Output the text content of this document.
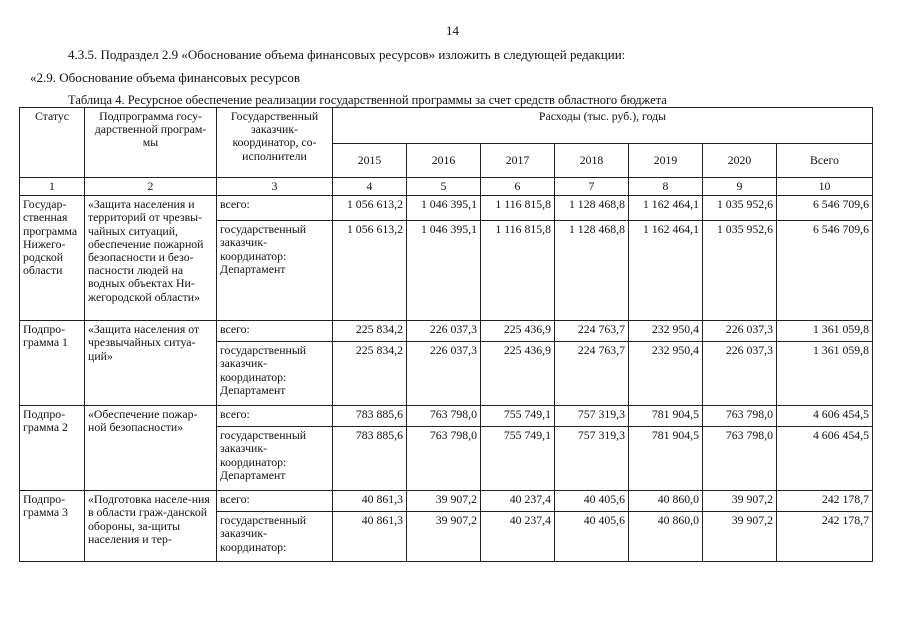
14
4.3.5. Подраздел 2.9 «Обоснование объема финансовых ресурсов» изложить в следующей редакции:
«2.9. Обоснование объема финансовых ресурсов
Таблица 4. Ресурсное обеспечение реализации государственной программы за счет средств областного бюджета
Статус	Подпрограмма госу-дарственной програм-мы	Государственный заказчик-координатор, со-исполнители	Расходы (тыс. руб.), годы						
			2015	2016	2017	2018	2019	2020	Всего
1	2	3	4	5	6	7	8	9	10
Государ-ственная программа Нижего-родской области	«Защита населения и территорий от чрезвы-чайных ситуаций, обеспечение пожарной безопасности и безо-пасности людей на водных объектах Ни-жегородской области»	всего:	1 056 613,2	1 046 395,1	1 116 815,8	1 128 468,8	1 162 464,1	1 035 952,6	6 546 709,6
		государственный заказчик-координатор: Департамент	1 056 613,2	1 046 395,1	1 116 815,8	1 128 468,8	1 162 464,1	1 035 952,6	6 546 709,6
Подпро-грамма 1	«Защита населения от чрезвычайных ситуа-ций»	всего:	225 834,2	226 037,3	225 436,9	224 763,7	232 950,4	226 037,3	1 361 059,8
		государственный заказчик-координатор: Департамент	225 834,2	226 037,3	225 436,9	224 763,7	232 950,4	226 037,3	1 361 059,8
Подпро-грамма 2	«Обеспечение пожар-ной безопасности»	всего:	783 885,6	763 798,0	755 749,1	757 319,3	781 904,5	763 798,0	4 606 454,5
		государственный заказчик-координатор: Департамент	783 885,6	763 798,0	755 749,1	757 319,3	781 904,5	763 798,0	4 606 454,5
Подпро-грамма 3	«Подготовка населе-ния в области граж-данской обороны, за-щиты населения и тер-	всего:	40 861,3	39 907,2	40 237,4	40 405,6	40 860,0	39 907,2	242 178,7
		государственный заказчик-координатор:	40 861,3	39 907,2	40 237,4	40 405,6	40 860,0	39 907,2	242 178,7
